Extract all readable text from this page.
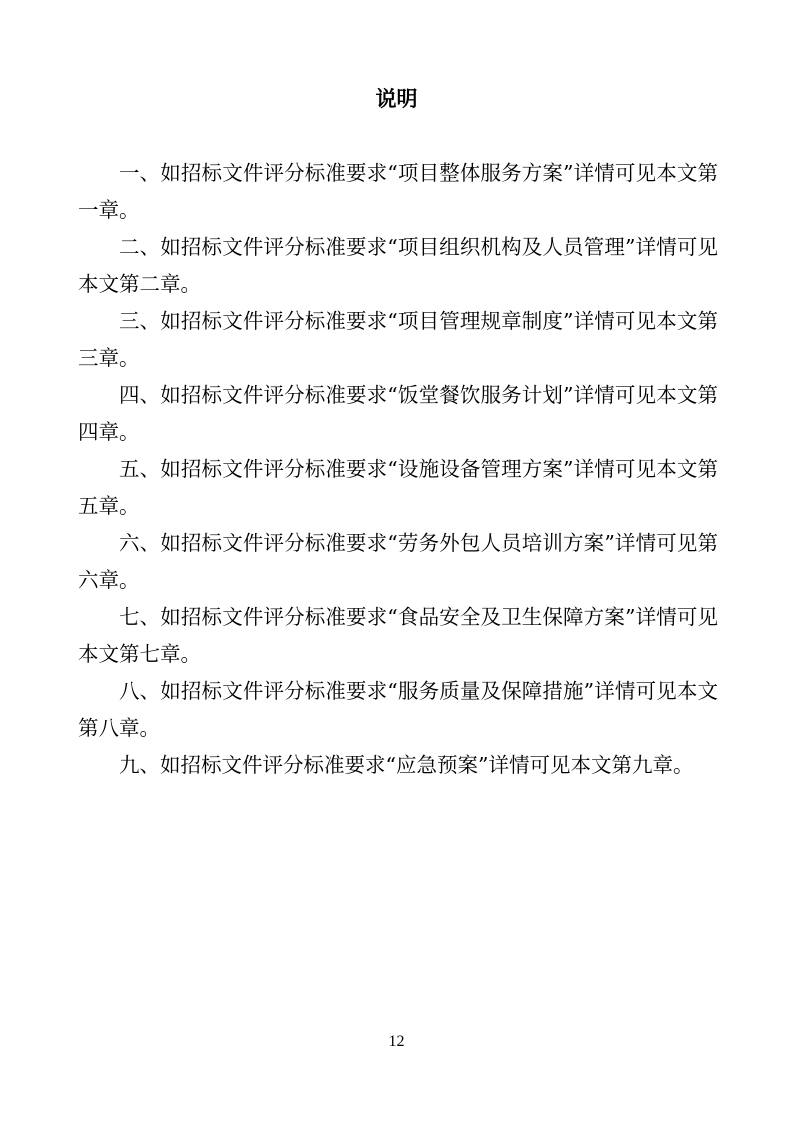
说明

一、如招标文件评分标准要求“项目整体服务方案”详情可见本文第一章。

二、如招标文件评分标准要求“项目组织机构及人员管理”详情可见本文第二章。

三、如招标文件评分标准要求“项目管理规章制度”详情可见本文第三章。

四、如招标文件评分标准要求“饭堂餐饮服务计划”详情可见本文第四章。

五、如招标文件评分标准要求“设施设备管理方案”详情可见本文第五章。

六、如招标文件评分标准要求“劳务外包人员培训方案”详情可见第六章。

七、如招标文件评分标准要求“食品安全及卫生保障方案”详情可见本文第七章。

八、如招标文件评分标准要求“服务质量及保障措施”详情可见本文第八章。

九、如招标文件评分标准要求“应急预案”详情可见本文第九章。

12
